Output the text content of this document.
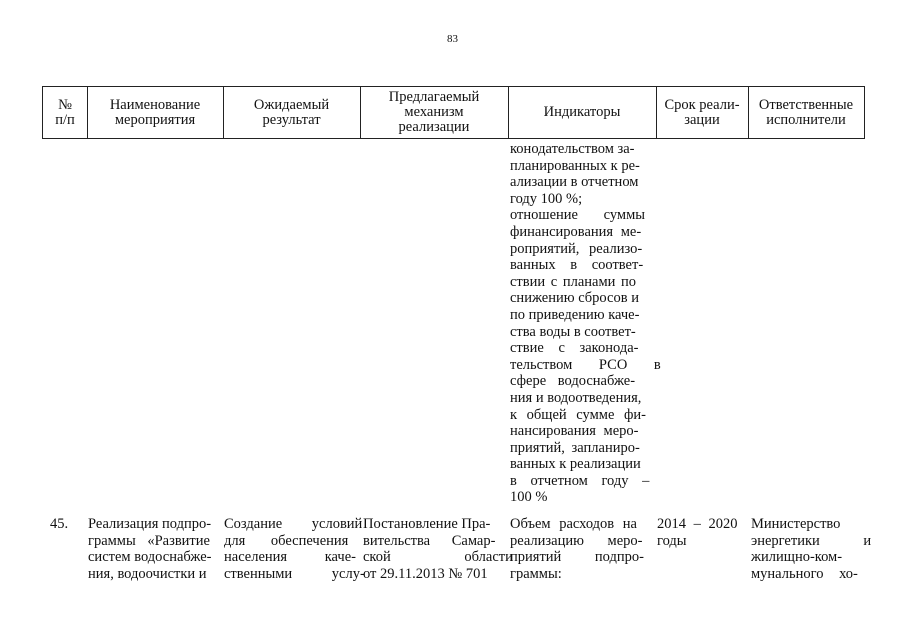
83
№
п/п
Наименование
мероприятия
Ожидаемый
результат
Предлагаемый
механизм
реализации
Индикаторы	Срок реали-
зации
Ответственные
исполнители
конодательством за-
планированных к ре-
ализации в отчетном
году 100 %;
отношение суммы
финансирования ме-
роприятий, реализо-
ванных в соответ-
ствии с планами по
снижению сбросов и
по приведению каче-
ства воды в соответ-
ствие с законода-
тельством РСО в
сфере водоснабже-
ния и водоотведения,
к общей сумме фи-
нансирования меро-
приятий, запланиро-
ванных к реализации
в отчетном году –
100 %
45. Реализация подпро-
граммы «Развитие
систем водоснабже-
ния, водоочистки и
Создание условий
для обеспечения
населения каче-
ственными услу-
Постановление Пра-
вительства Самар-
ской области
от 29.11.2013 № 701
Объем расходов на
реализацию меро-
приятий подпро-
граммы:
2014 – 2020
годы
Министерство
энергетики и
жилищно-ком-
мунального хо-
